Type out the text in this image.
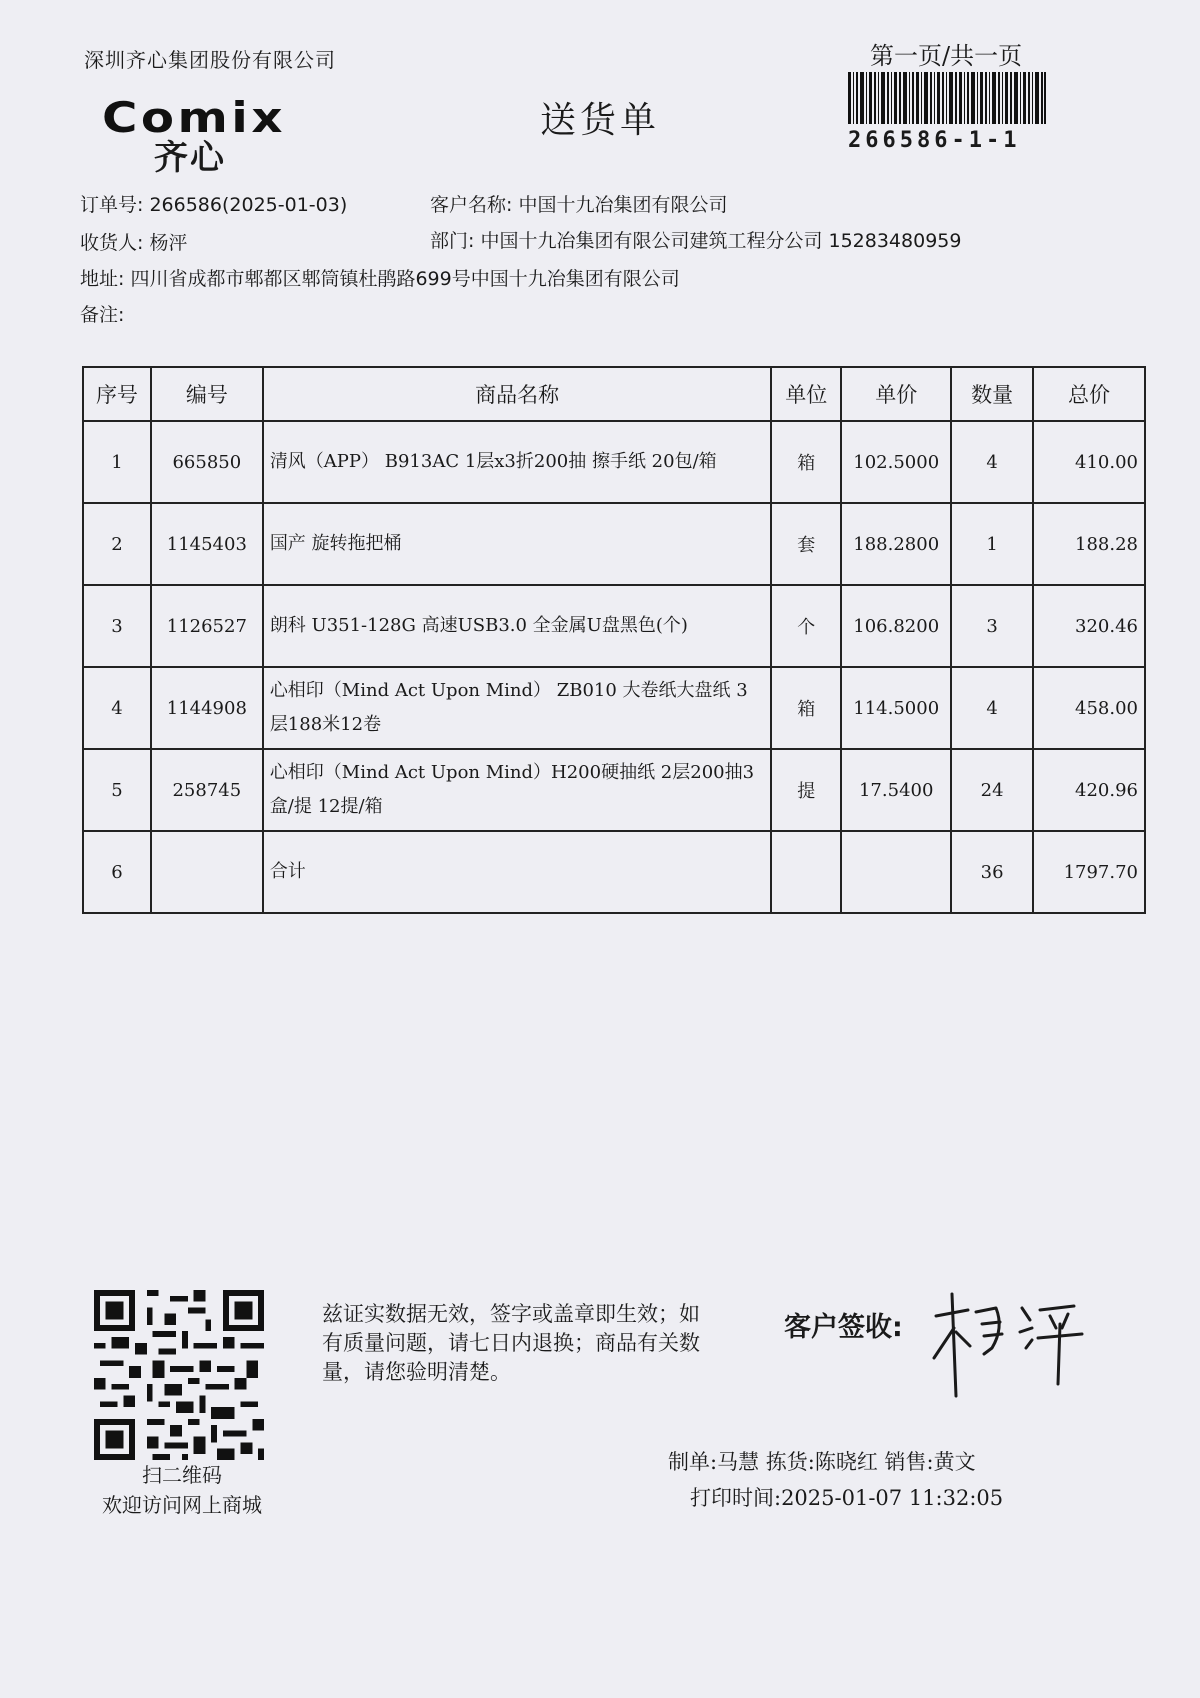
深圳齐心集团股份有限公司
Comix
齐心
送货单
第一页/共一页
266586-1-1
订单号: 266586(2025-01-03)	客户名称: 中国十九冶集团有限公司
收货人: 杨泙	部门: 中国十九冶集团有限公司建筑工程分公司 15283480959
地址: 四川省成都市郫都区郫筒镇杜鹃路699号中国十九冶集团有限公司
备注:
序号	编号	商品名称	单位	单价	数量	总价
1	665850	清风（APP） B913AC 1层x3折200抽 擦手纸 20包/箱	箱	102.5000	4	410.00
2	1145403	国产 旋转拖把桶	套	188.2800	1	188.28
3	1126527	朗科 U351-128G 高速USB3.0 全金属U盘黑色(个)	个	106.8200	3	320.46
4	1144908	心相印（Mind Act Upon Mind） ZB010 大卷纸大盘纸 3层188米12卷	箱	114.5000	4	458.00
5	258745	心相印（Mind Act Upon Mind）H200硬抽纸 2层200抽3盒/提 12提/箱	提	17.5400	24	420.96
6		合计			36	1797.70
扫二维码
欢迎访问网上商城
兹证实数据无效，签字或盖章即生效；如有质量问题，请七日内退换；商品有关数量，请您验明清楚。
客户签收:
制单:马慧 拣货:陈晓红 销售:黄文
打印时间:2025-01-07 11:32:05
